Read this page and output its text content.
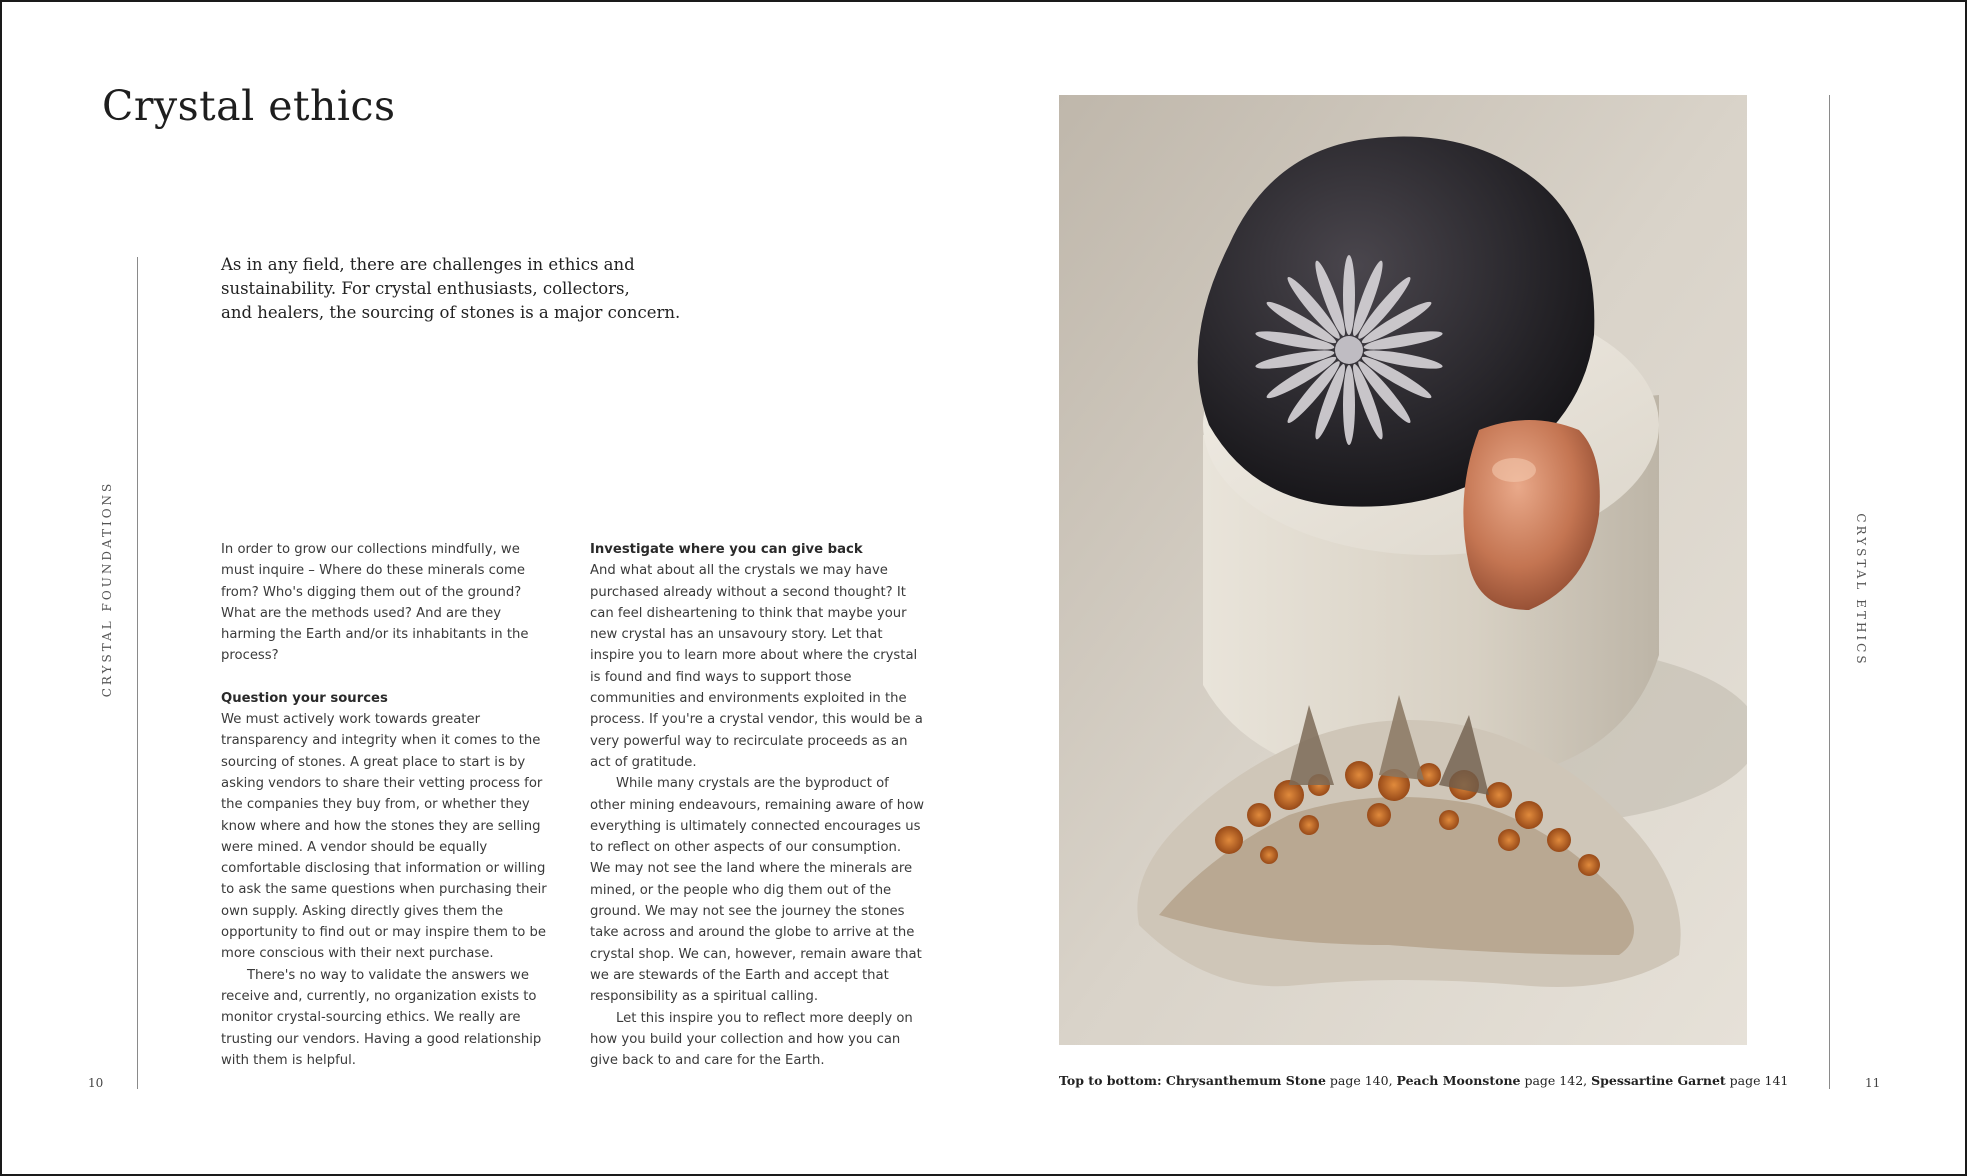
Crystal ethics
CRYSTAL FOUNDATIONS	CRYSTAL ETHICS
As in any field, there are challenges in ethics and
sustainability. For crystal enthusiasts, collectors,
and healers, the sourcing of stones is a major concern.

In order to grow our collections mindfully, we must inquire – Where do these minerals come from? Who's digging them out of the ground? What are the methods used? And are they harming the Earth and/or its inhabitants in the process?

Question your sources

We must actively work towards greater transparency and integrity when it comes to the sourcing of stones. A great place to start is by asking vendors to share their vetting process for the companies they buy from, or whether they know where and how the stones they are selling were mined. A vendor should be equally comfortable disclosing that information or willing to ask the same questions when purchasing their own supply. Asking directly gives them the opportunity to find out or may inspire them to be more conscious with their next purchase.

There's no way to validate the answers we receive and, currently, no organization exists to monitor crystal-sourcing ethics. We really are trusting our vendors. Having a good relationship with them is helpful.

Investigate where you can give back

And what about all the crystals we may have purchased already without a second thought? It can feel disheartening to think that maybe your new crystal has an unsavoury story. Let that inspire you to learn more about where the crystal is found and find ways to support those communities and environments exploited in the process. If you're a crystal vendor, this would be a very powerful way to recirculate proceeds as an act of gratitude.

While many crystals are the byproduct of other mining endeavours, remaining aware of how everything is ultimately connected encourages us to reflect on other aspects of our consumption. We may not see the land where the minerals are mined, or the people who dig them out of the ground. We may not see the journey the stones take across and around the globe to arrive at the crystal shop. We can, however, remain aware that we are stewards of the Earth and accept that responsibility as a spiritual calling.

Let this inspire you to reflect more deeply on how you build your collection and how you can give back to and care for the Earth.

10	11
Top to bottom: Chrysanthemum Stone page 140, Peach Moonstone page 142, Spessartine Garnet page 141
